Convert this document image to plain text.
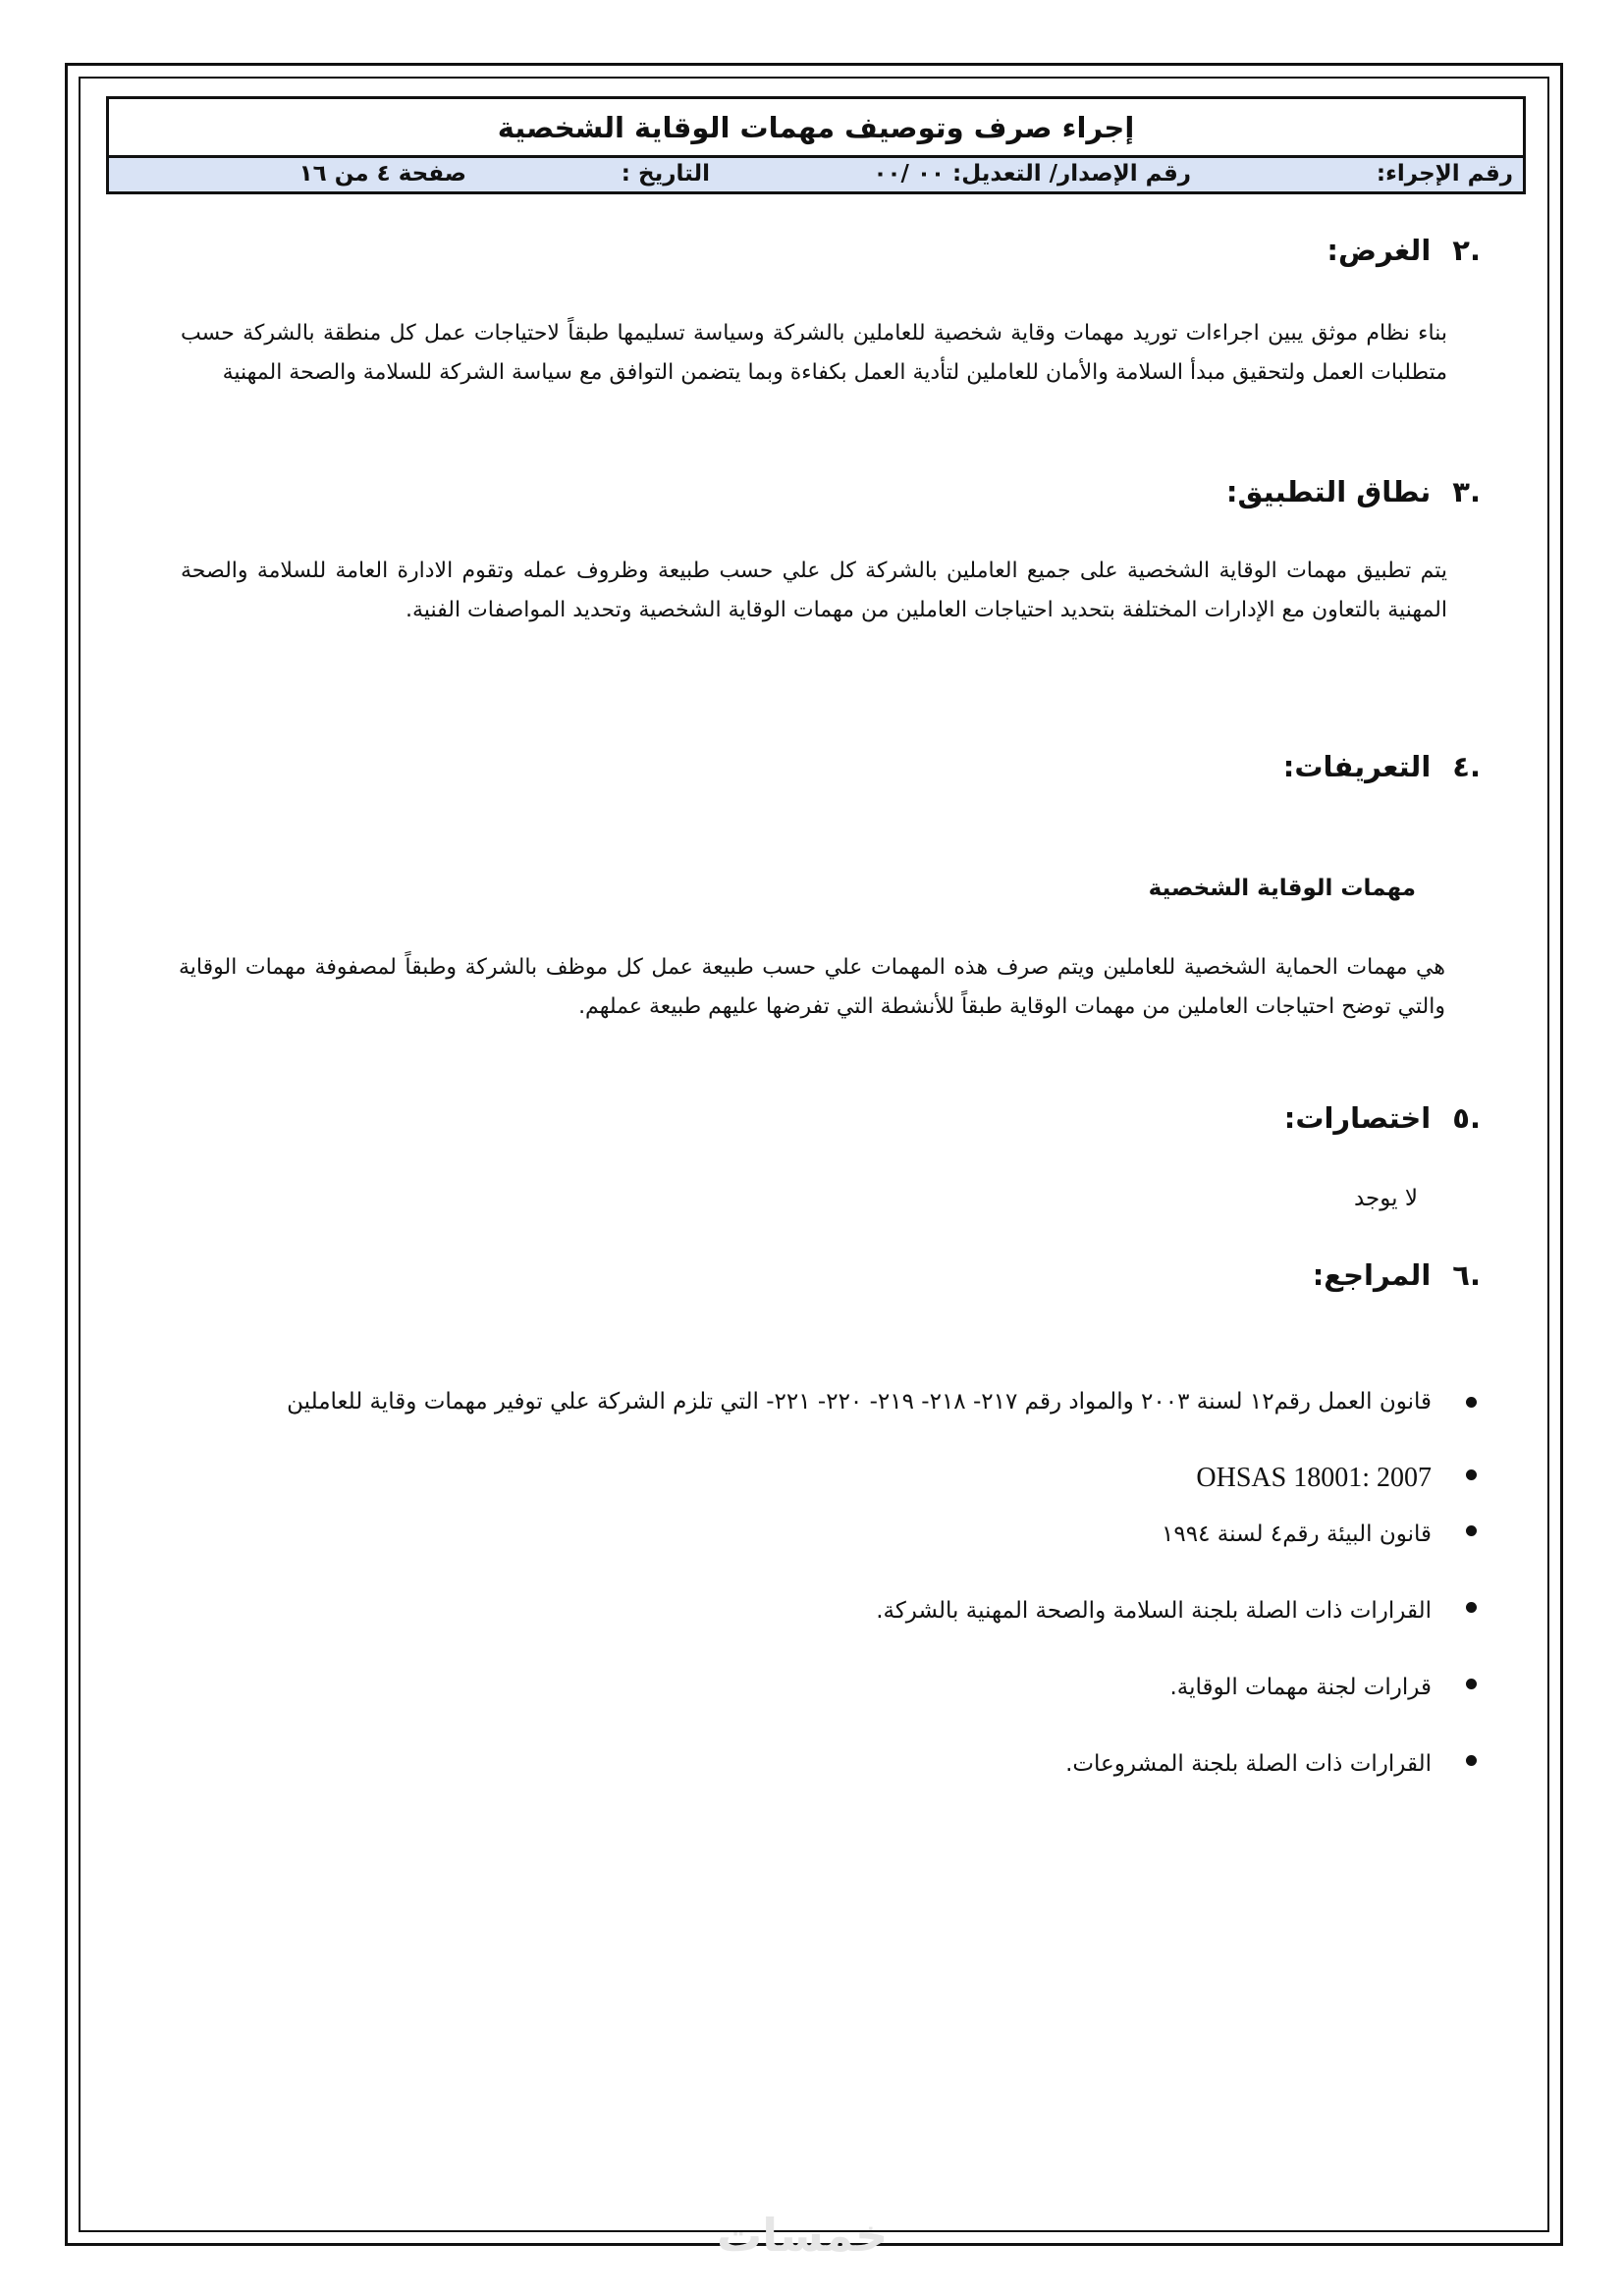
إجراء صرف وتوصيف مهمات الوقاية الشخصية
رقم الإجراء:
رقم الإصدار/ التعديل: ٠٠ /٠٠
التاريخ :
صفحة ٤ من ١٦
.٢الغرض:
بناء نظام موثق يبين اجراءات توريد مهمات وقاية شخصية للعاملين بالشركة وسياسة تسليمها طبقاً لاحتياجات عمل كل منطقة بالشركة حسب متطلبات العمل ولتحقيق مبدأ السلامة والأمان للعاملين لتأدية العمل بكفاءة وبما يتضمن التوافق مع سياسة الشركة للسلامة والصحة المهنية
.٣نطاق التطبيق:
يتم تطبيق مهمات الوقاية الشخصية على جميع العاملين بالشركة كل علي حسب طبيعة وظروف عمله وتقوم الادارة العامة للسلامة والصحة المهنية بالتعاون مع الإدارات المختلفة بتحديد احتياجات العاملين من مهمات الوقاية الشخصية وتحديد المواصفات الفنية.
.٤التعريفات:
مهمات الوقاية الشخصية
هي مهمات الحماية الشخصية للعاملين ويتم صرف هذه المهمات علي حسب طبيعة عمل كل موظف بالشركة وطبقاً لمصفوفة مهمات الوقاية والتي توضح احتياجات العاملين من مهمات الوقاية طبقاً للأنشطة التي تفرضها عليهم طبيعة عملهم.
.٥اختصارات:
لا يوجد
.٦المراجع:
قانون العمل رقم١٢ لسنة ٢٠٠٣ والمواد رقم ٢١٧- ٢١٨- ٢١٩- ٢٢٠- ٢٢١- التي تلزم الشركة علي توفير مهمات وقاية للعاملين
OHSAS 18001: 2007
قانون البيئة رقم٤ لسنة ١٩٩٤
القرارات ذات الصلة بلجنة السلامة والصحة المهنية بالشركة.
قرارات لجنة مهمات الوقاية.
القرارات ذات الصلة بلجنة المشروعات.
خمسات
